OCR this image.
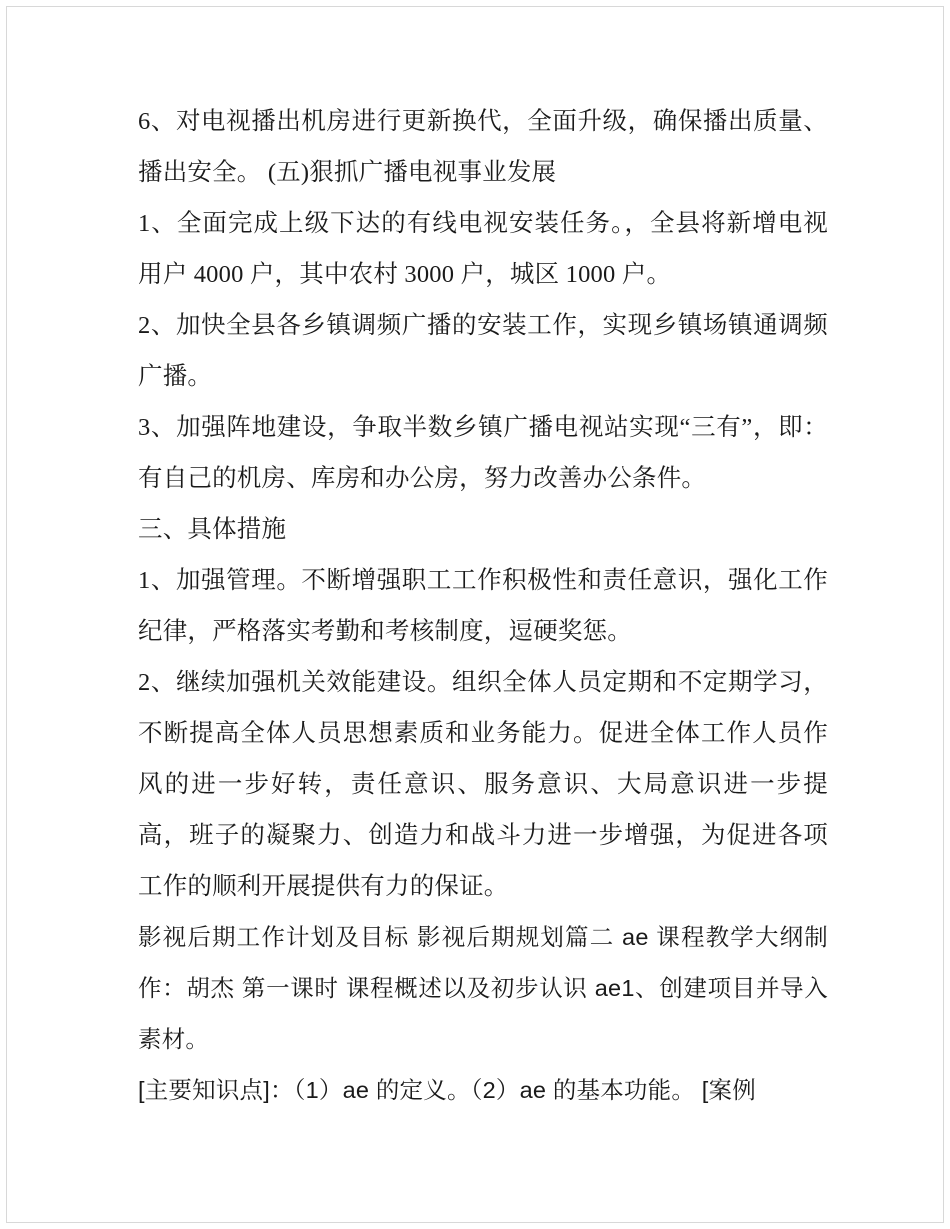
6、对电视播出机房进行更新换代，全面升级，确保播出质量、播出安全。 (五)狠抓广播电视事业发展

1、全面完成上级下达的有线电视安装任务。，全县将新增电视用户 4000 户，其中农村 3000 户，城区 1000 户。

2、加快全县各乡镇调频广播的安装工作，实现乡镇场镇通调频广播。

3、加强阵地建设，争取半数乡镇广播电视站实现“三有”，即：有自己的机房、库房和办公房，努力改善办公条件。

三、具体措施

1、加强管理。不断增强职工工作积极性和责任意识，强化工作纪律，严格落实考勤和考核制度，逗硬奖惩。

2、继续加强机关效能建设。组织全体人员定期和不定期学习，不断提高全体人员思想素质和业务能力。促进全体工作人员作风的进一步好转，责任意识、服务意识、大局意识进一步提高，班子的凝聚力、创造力和战斗力进一步增强，为促进各项工作的顺利开展提供有力的保证。

影视后期工作计划及目标 影视后期规划篇二 ae 课程教学大纲制作：胡杰 第一课时 课程概述以及初步认识 ae1、创建项目并导入素材。

[主要知识点]：（1）ae 的定义。（2）ae 的基本功能。 [案例
